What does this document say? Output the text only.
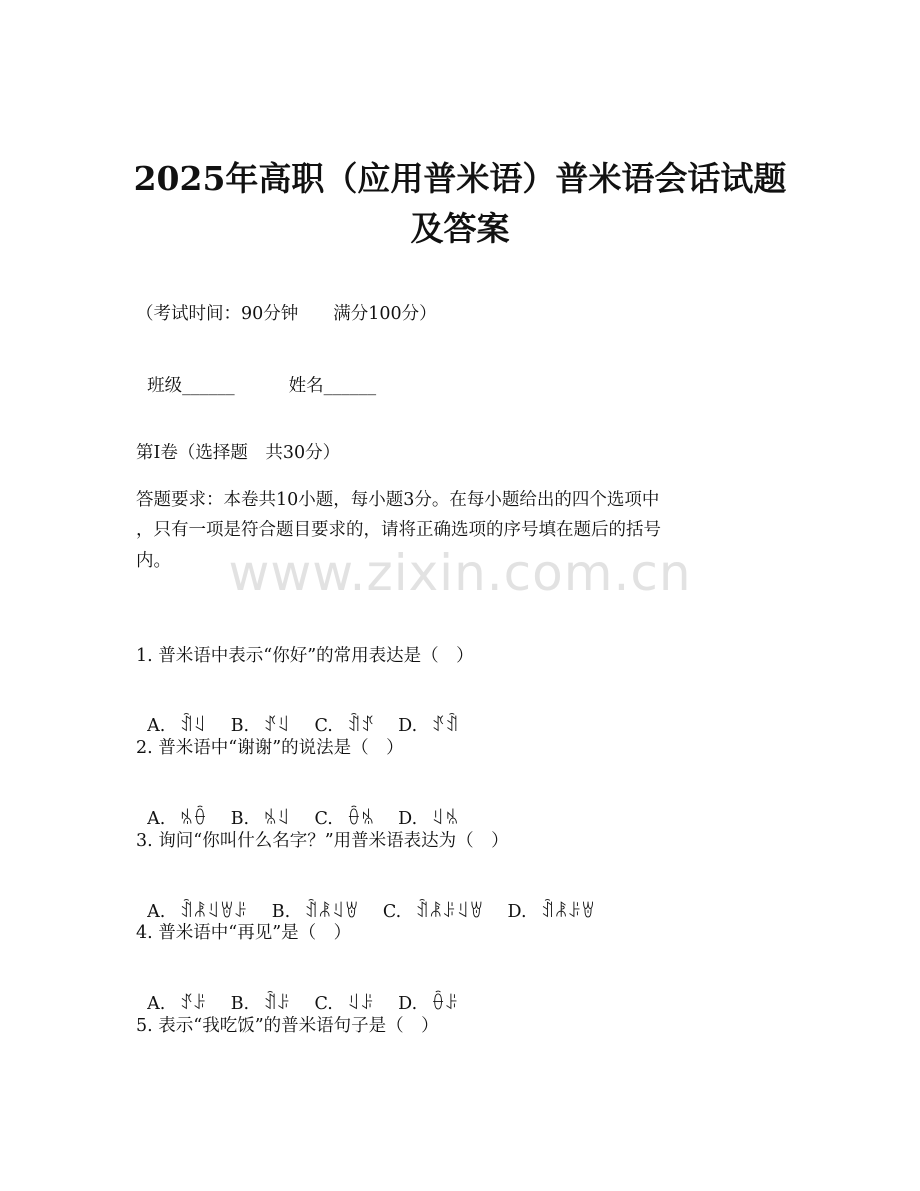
2025年高职（应用普米语）普米语会话试题
及答案
（考试时间：90分钟　　满分100分）

班级______	姓名______

第Ⅰ卷（选择题　共30分）
答题要求：本卷共10小题，每小题3分。在每小题给出的四个选项中
，只有一项是符合题目要求的，请将正确选项的序号填在题后的括号
内。	www.zixin.com.cn
1. 普米语中表示“你好”的常用表达是（　）

A. ꀉꆹ B. ꀋꆹ C. ꀉꀋ D. ꀋꀉ

2. 普米语中“谢谢”的说法是（　）

A. ꁱꂶ B. ꁱꆹ C. ꂶꁱ D. ꆹꁱ

3. 询问“你叫什么名字？”用普米语表达为（　）

A. ꀉꂿꆹꇐꌠ B. ꀉꂿꆹꇐ C. ꀉꂿꌠꆹꇐ D. ꀉꂿꌠꇐ

4. 普米语中“再见”是（　）

A. ꀋꌠ B. ꀉꌠ C. ꆹꌠ D. ꂶꌠ

5. 表示“我吃饭”的普米语句子是（　）
